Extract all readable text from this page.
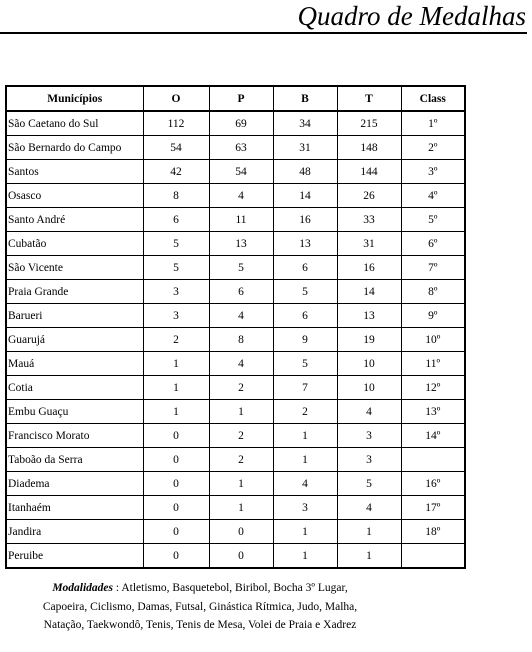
Quadro de Medalhas
Municípios	O	P	B	T	Class
São Caetano do Sul	112	69	34	215	1º
São Bernardo do Campo	54	63	31	148	2º
Santos	42	54	48	144	3º
Osasco	8	4	14	26	4º
Santo André	6	11	16	33	5º
Cubatão	5	13	13	31	6º
São Vicente	5	5	6	16	7º
Praia Grande	3	6	5	14	8º
Barueri	3	4	6	13	9º
Guarujá	2	8	9	19	10º
Mauá	1	4	5	10	11º
Cotia	1	2	7	10	12º
Embu Guaçu	1	1	2	4	13º
Francisco Morato	0	2	1	3	14º
Taboão da Serra	0	2	1	3	
Diadema	0	1	4	5	16º
Itanhaém	0	1	3	4	17º
Jandira	0	0	1	1	18º
Peruibe	0	0	1	1	
Modalidades : Atletismo, Basquetebol, Biribol, Bocha 3º Lugar,
Capoeira, Ciclismo, Damas, Futsal, Ginástica Rítmica, Judo, Malha,
Natação, Taekwondô, Tenis, Tenis de Mesa, Volei de Praia e Xadrez
